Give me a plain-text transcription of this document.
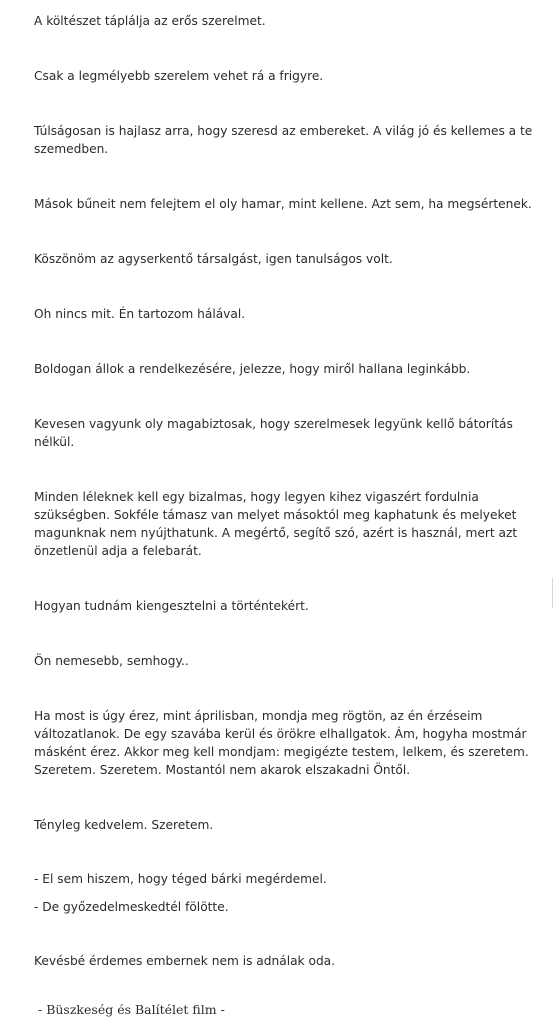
A költészet táplálja az erős szerelmet.

Csak a legmélyebb szerelem vehet rá a frigyre.

Túlságosan is hajlasz arra, hogy szeresd az embereket. A világ jó és kellemes a te szemedben.

Mások bűneit nem felejtem el oly hamar, mint kellene. Azt sem, ha megsértenek.

Köszönöm az agyserkentő társalgást, igen tanulságos volt.

Oh nincs mit. Én tartozom hálával.

Boldogan állok a rendelkezésére, jelezze, hogy miről hallana leginkább.

Kevesen vagyunk oly magabiztosak, hogy szerelmesek legyünk kellő bátorítás nélkül.

Minden léleknek kell egy bizalmas, hogy legyen kihez vigaszért fordulnia szükségben. Sokféle támasz van melyet másoktól meg kaphatunk és melyeket magunknak nem nyújthatunk. A megértő, segítő szó, azért is használ, mert azt önzetlenül adja a felebarát.

Hogyan tudnám kiengesztelni a történtekért.

Ön nemesebb, semhogy..

Ha most is úgy érez, mint áprilisban, mondja meg rögtön, az én érzéseim változatlanok. De egy szavába kerül és örökre elhallgatok. Ám, hogyha mostmár másként érez. Akkor meg kell mondjam: megigézte testem, lelkem, és szeretem. Szeretem. Szeretem. Mostantól nem akarok elszakadni Öntől.

Tényleg kedvelem. Szeretem.

- El sem hiszem, hogy téged bárki megérdemel.

- De győzedelmeskedtél fölötte.

Kevésbé érdemes embernek nem is adnálak oda.

- Büszkeség és Balítélet film -
